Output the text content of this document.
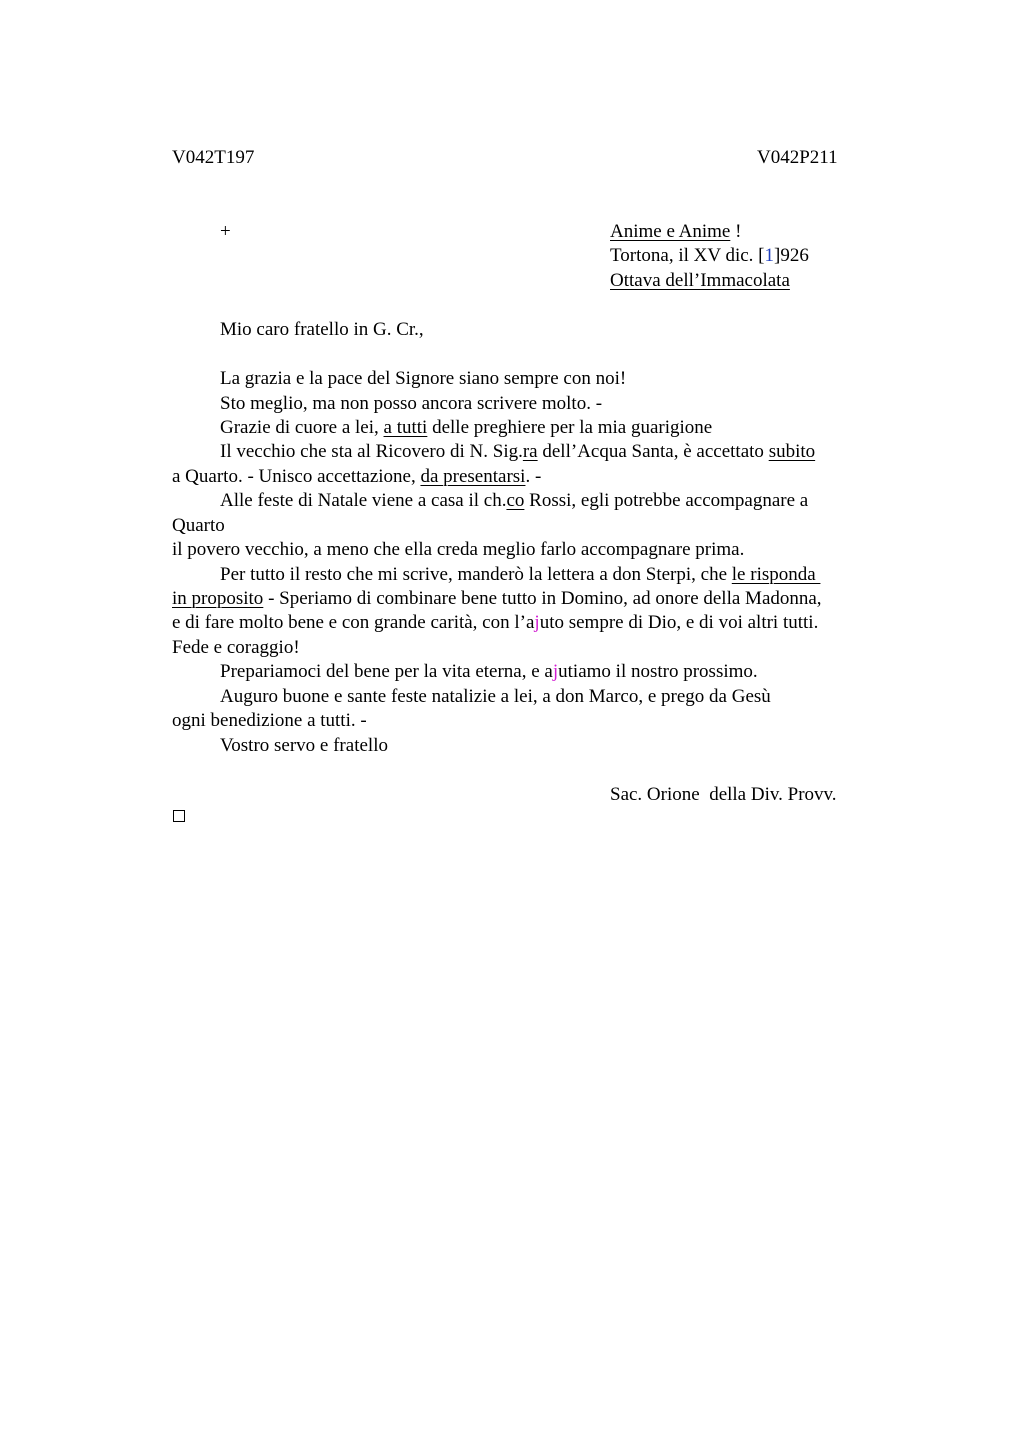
V042T197	V042P211
+	Anime e Anime !
Tortona, il XV dic. [1]926
Ottava dell’Immacolata
Mio caro fratello in G. Cr.,
La grazia e la pace del Signore siano sempre con noi!
Sto meglio, ma non posso ancora scrivere molto. -
Grazie di cuore a lei, a tutti delle preghiere per la mia guarigione
Il vecchio che sta al Ricovero di N. Sig.ra dell’Acqua Santa, è accettato subito
a Quarto. - Unisco accettazione, da presentarsi. -
Alle feste di Natale viene a casa il ch.co Rossi, egli potrebbe accompagnare a
Quarto
il povero vecchio, a meno che ella creda meglio farlo accompagnare prima.
Per tutto il resto che mi scrive, manderò la lettera a don Sterpi, che le risponda
in proposito - Speriamo di combinare bene tutto in Domino, ad onore della Madonna,
e di fare molto bene e con grande carità, con l’ajuto sempre di Dio, e di voi altri tutti.
Fede e coraggio!
Prepariamoci del bene per la vita eterna, e ajutiamo il nostro prossimo.
Auguro buone e sante feste natalizie a lei, a don Marco, e prego da Gesù
ogni benedizione a tutti. -
Vostro servo e fratello
Sac. Orione  della Div. Provv.
